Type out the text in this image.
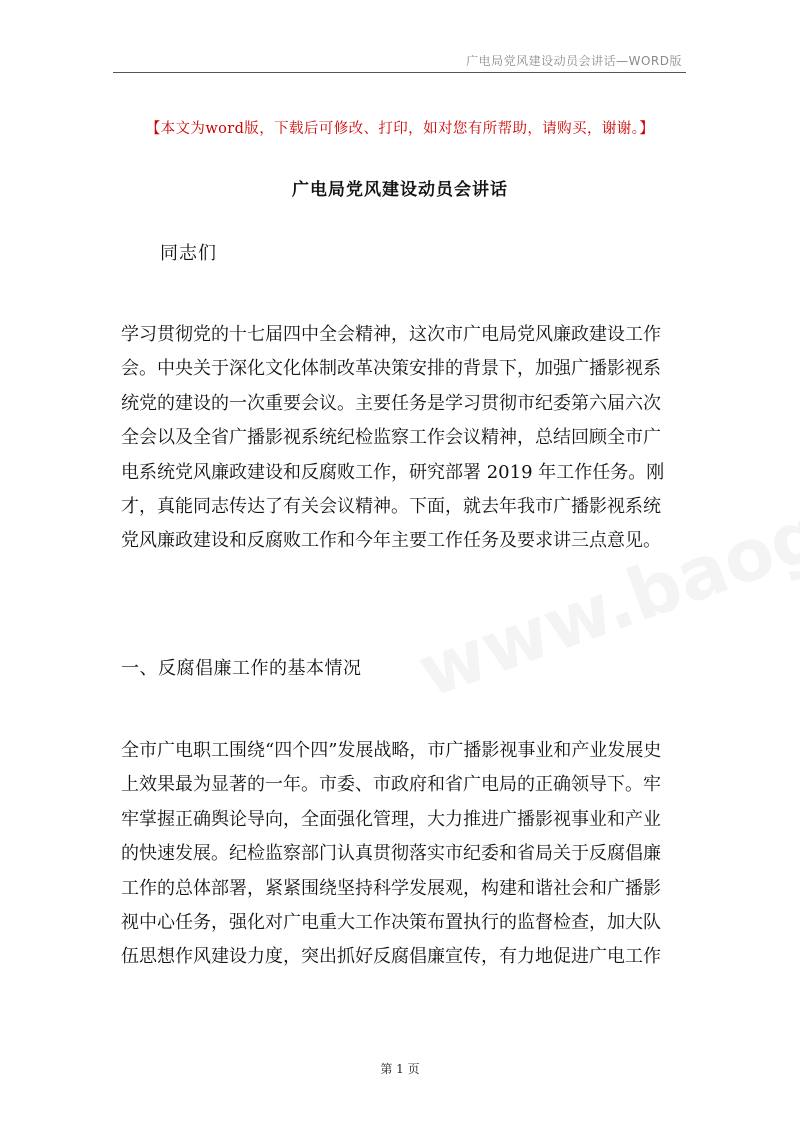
广电局党风建设动员会讲话—WORD版
【本文为word版，下载后可修改、打印，如对您有所帮助，请购买，谢谢。】
广电局党风建设动员会讲话
同志们
学习贯彻党的十七届四中全会精神，这次市广电局党风廉政建设工作
会。中央关于深化文化体制改革决策安排的背景下，加强广播影视系
统党的建设的一次重要会议。主要任务是学习贯彻市纪委第六届六次
全会以及全省广播影视系统纪检监察工作会议精神，总结回顾全市广
电系统党风廉政建设和反腐败工作，研究部署 2019 年工作任务。刚
才，真能同志传达了有关会议精神。下面，就去年我市广播影视系统
党风廉政建设和反腐败工作和今年主要工作任务及要求讲三点意见。
一、反腐倡廉工作的基本情况
全市广电职工围绕“四个四”发展战略，市广播影视事业和产业发展史
上效果最为显著的一年。市委、市政府和省广电局的正确领导下。牢
牢掌握正确舆论导向，全面强化管理，大力推进广播影视事业和产业
的快速发展。纪检监察部门认真贯彻落实市纪委和省局关于反腐倡廉
工作的总体部署，紧紧围绕坚持科学发展观，构建和谐社会和广播影
视中心任务，强化对广电重大工作决策布置执行的监督检查，加大队
伍思想作风建设力度，突出抓好反腐倡廉宣传，有力地促进广电工作
第 1 页
